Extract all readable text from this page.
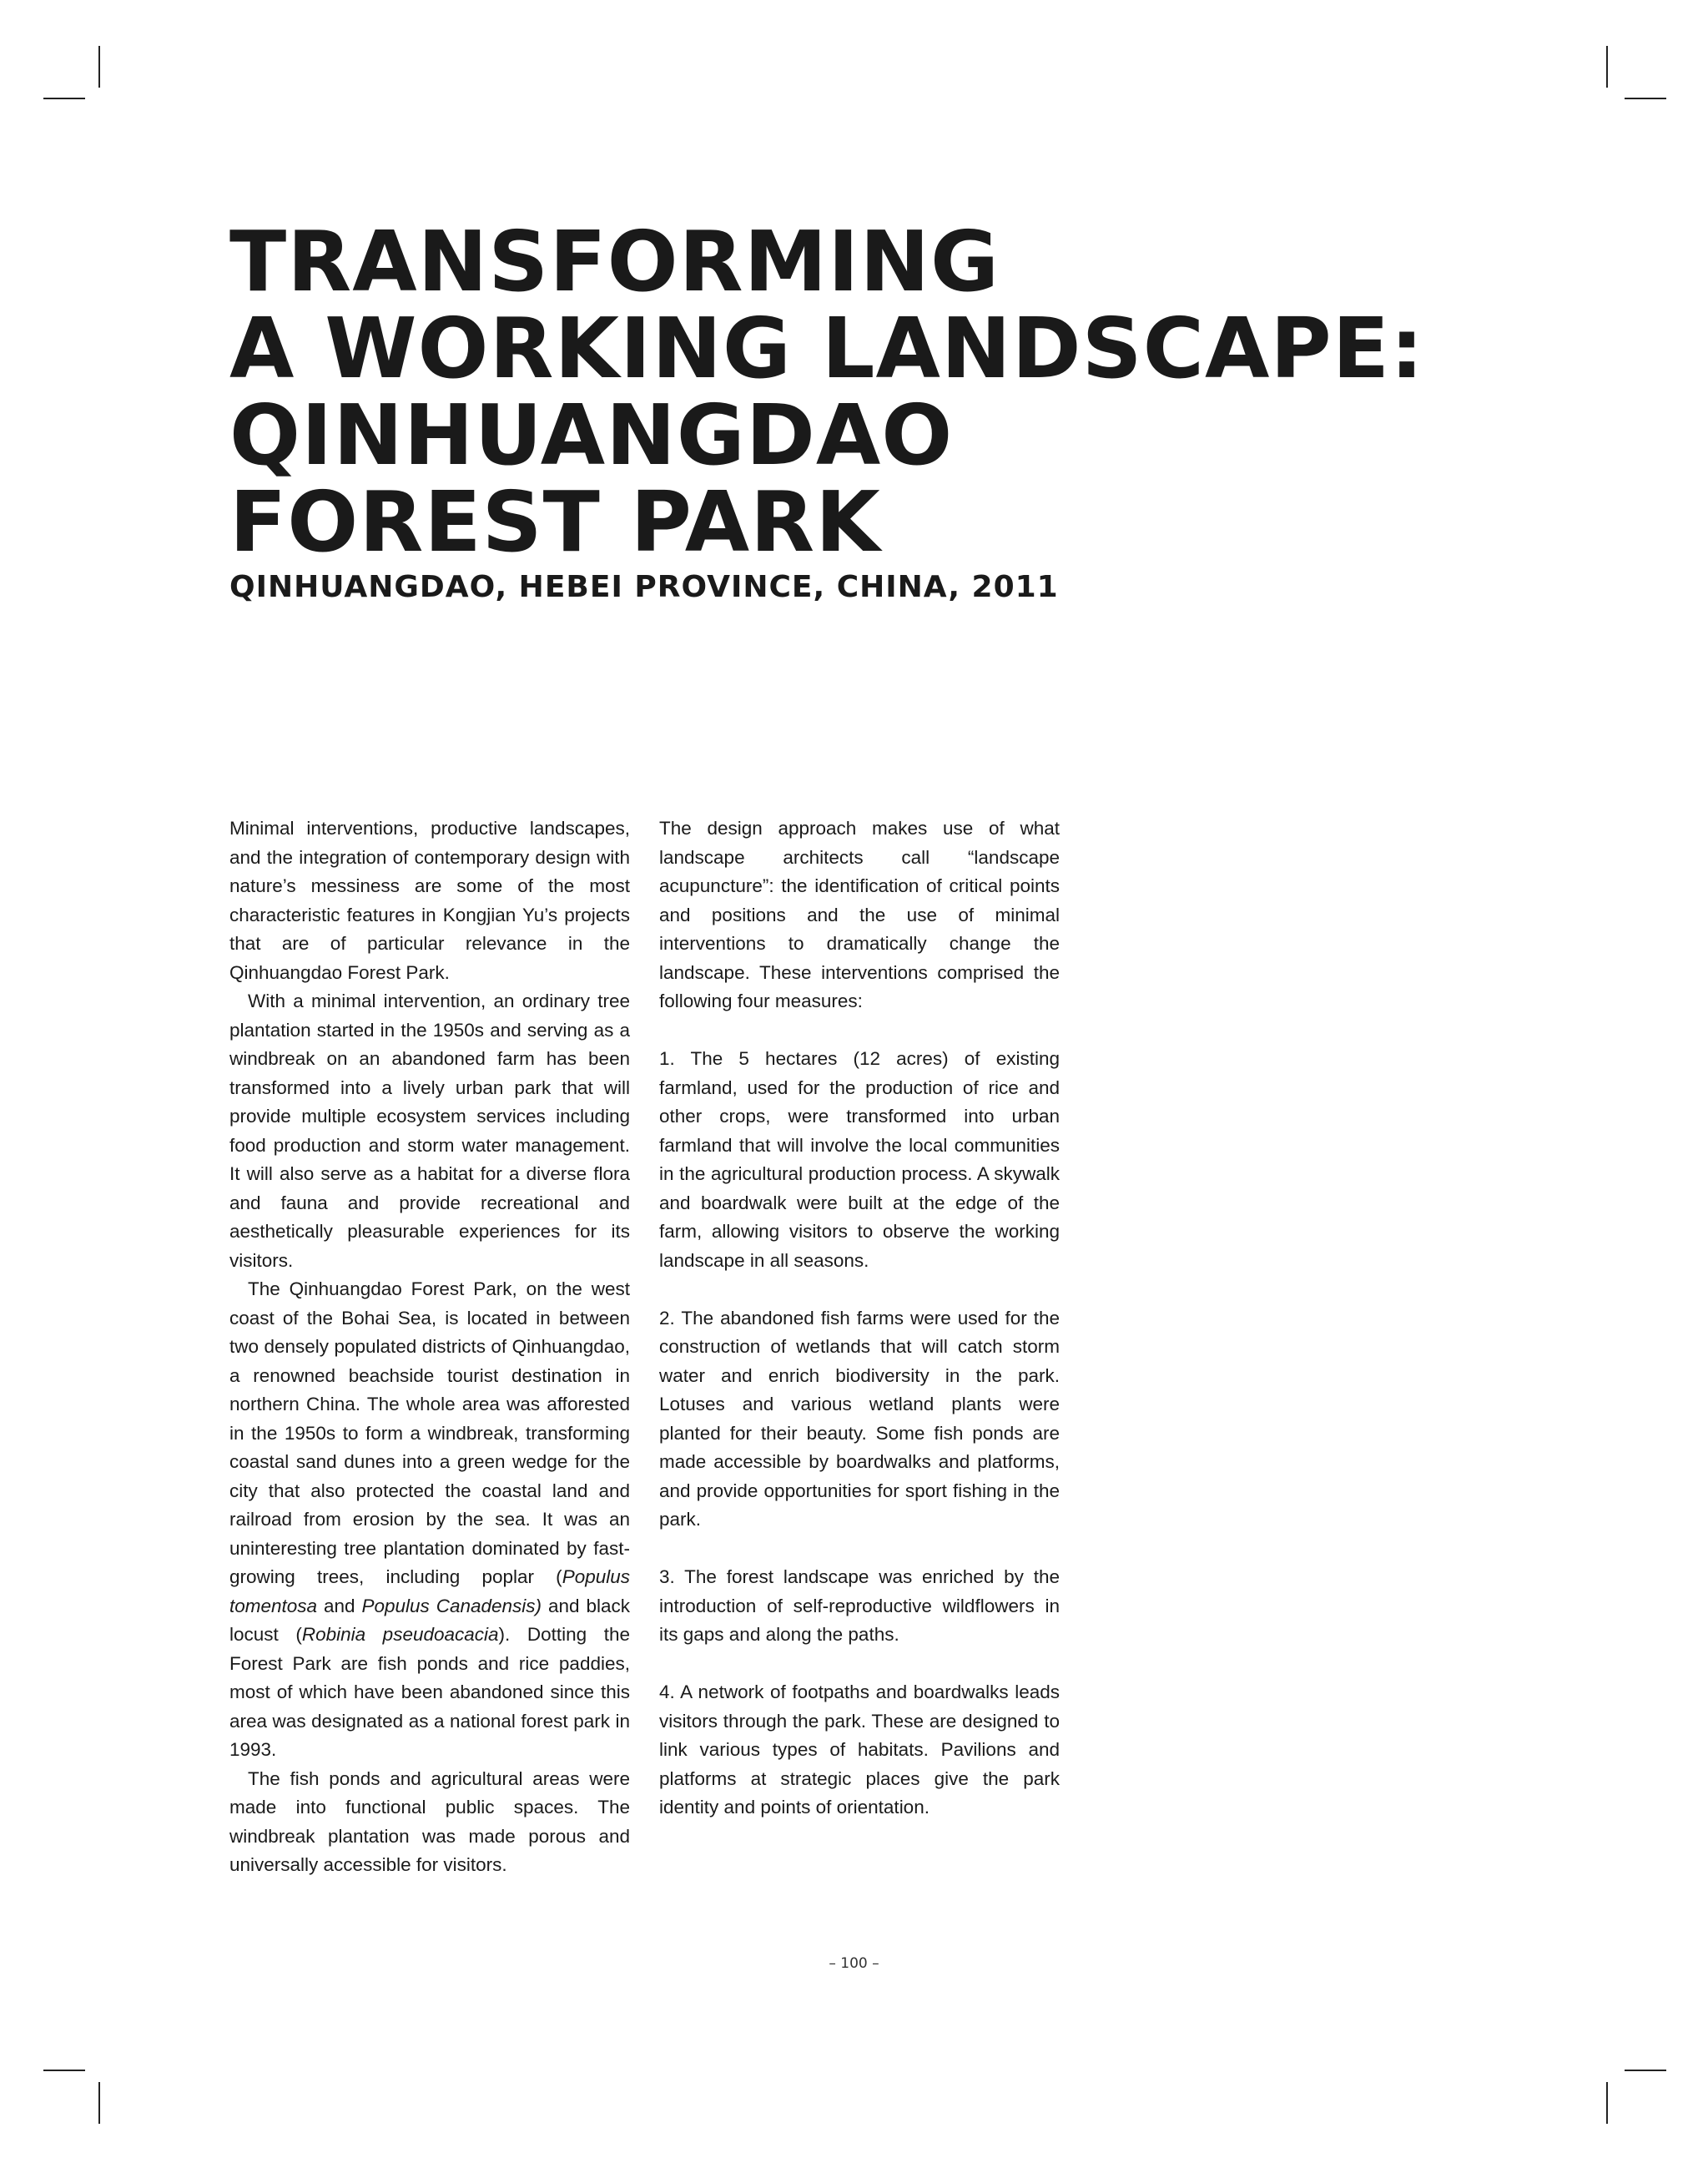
TRANSFORMING
A WORKING LANDSCAPE:
QINHUANGDAO
FOREST PARK
QINHUANGDAO, HEBEI PROVINCE, CHINA, 2011

Minimal interventions, productive landscapes, and the integration of contemporary design with nature’s messiness are some of the most characteristic features in Kongjian Yu’s projects that are of particular relevance in the Qinhuangdao Forest Park.

With a minimal intervention, an ordinary tree plantation started in the 1950s and serving as a windbreak on an abandoned farm has been transformed into a lively urban park that will provide multiple ecosystem services including food production and storm water management. It will also serve as a habitat for a diverse flora and fauna and provide recreational and aesthetically pleasurable experiences for its visitors.

The Qinhuangdao Forest Park, on the west coast of the Bohai Sea, is located in between two densely populated districts of Qinhuangdao, a renowned beachside tourist destination in northern China. The whole area was afforested in the 1950s to form a windbreak, transforming coastal sand dunes into a green wedge for the city that also protected the coastal land and railroad from erosion by the sea. It was an uninteresting tree plantation dominated by fast-growing trees, including poplar (Populus tomentosa and Populus Canadensis) and black locust (Robinia pseudoacacia). Dotting the Forest Park are fish ponds and rice paddies, most of which have been abandoned since this area was designated as a national forest park in 1993.

The fish ponds and agricultural areas were made into functional public spaces. The windbreak plantation was made porous and universally accessible for visitors.

The design approach makes use of what landscape architects call “landscape acupuncture”: the identification of critical points and positions and the use of minimal interventions to dramatically change the landscape. These interventions comprised the following four measures:

1. The 5 hectares (12 acres) of existing farmland, used for the production of rice and other crops, were transformed into urban farmland that will involve the local communities in the agricultural production process. A skywalk and boardwalk were built at the edge of the farm, allowing visitors to observe the working landscape in all seasons.

2. The abandoned fish farms were used for the construction of wetlands that will catch storm water and enrich biodiversity in the park. Lotuses and various wetland plants were planted for their beauty. Some fish ponds are made accessible by boardwalks and platforms, and provide opportunities for sport fishing in the park.

3. The forest landscape was enriched by the introduction of self-reproductive wildflowers in its gaps and along the paths.

4. A network of footpaths and boardwalks leads visitors through the park. These are designed to link various types of habitats. Pavilions and platforms at strategic places give the park identity and points of orientation.

– 100 –
